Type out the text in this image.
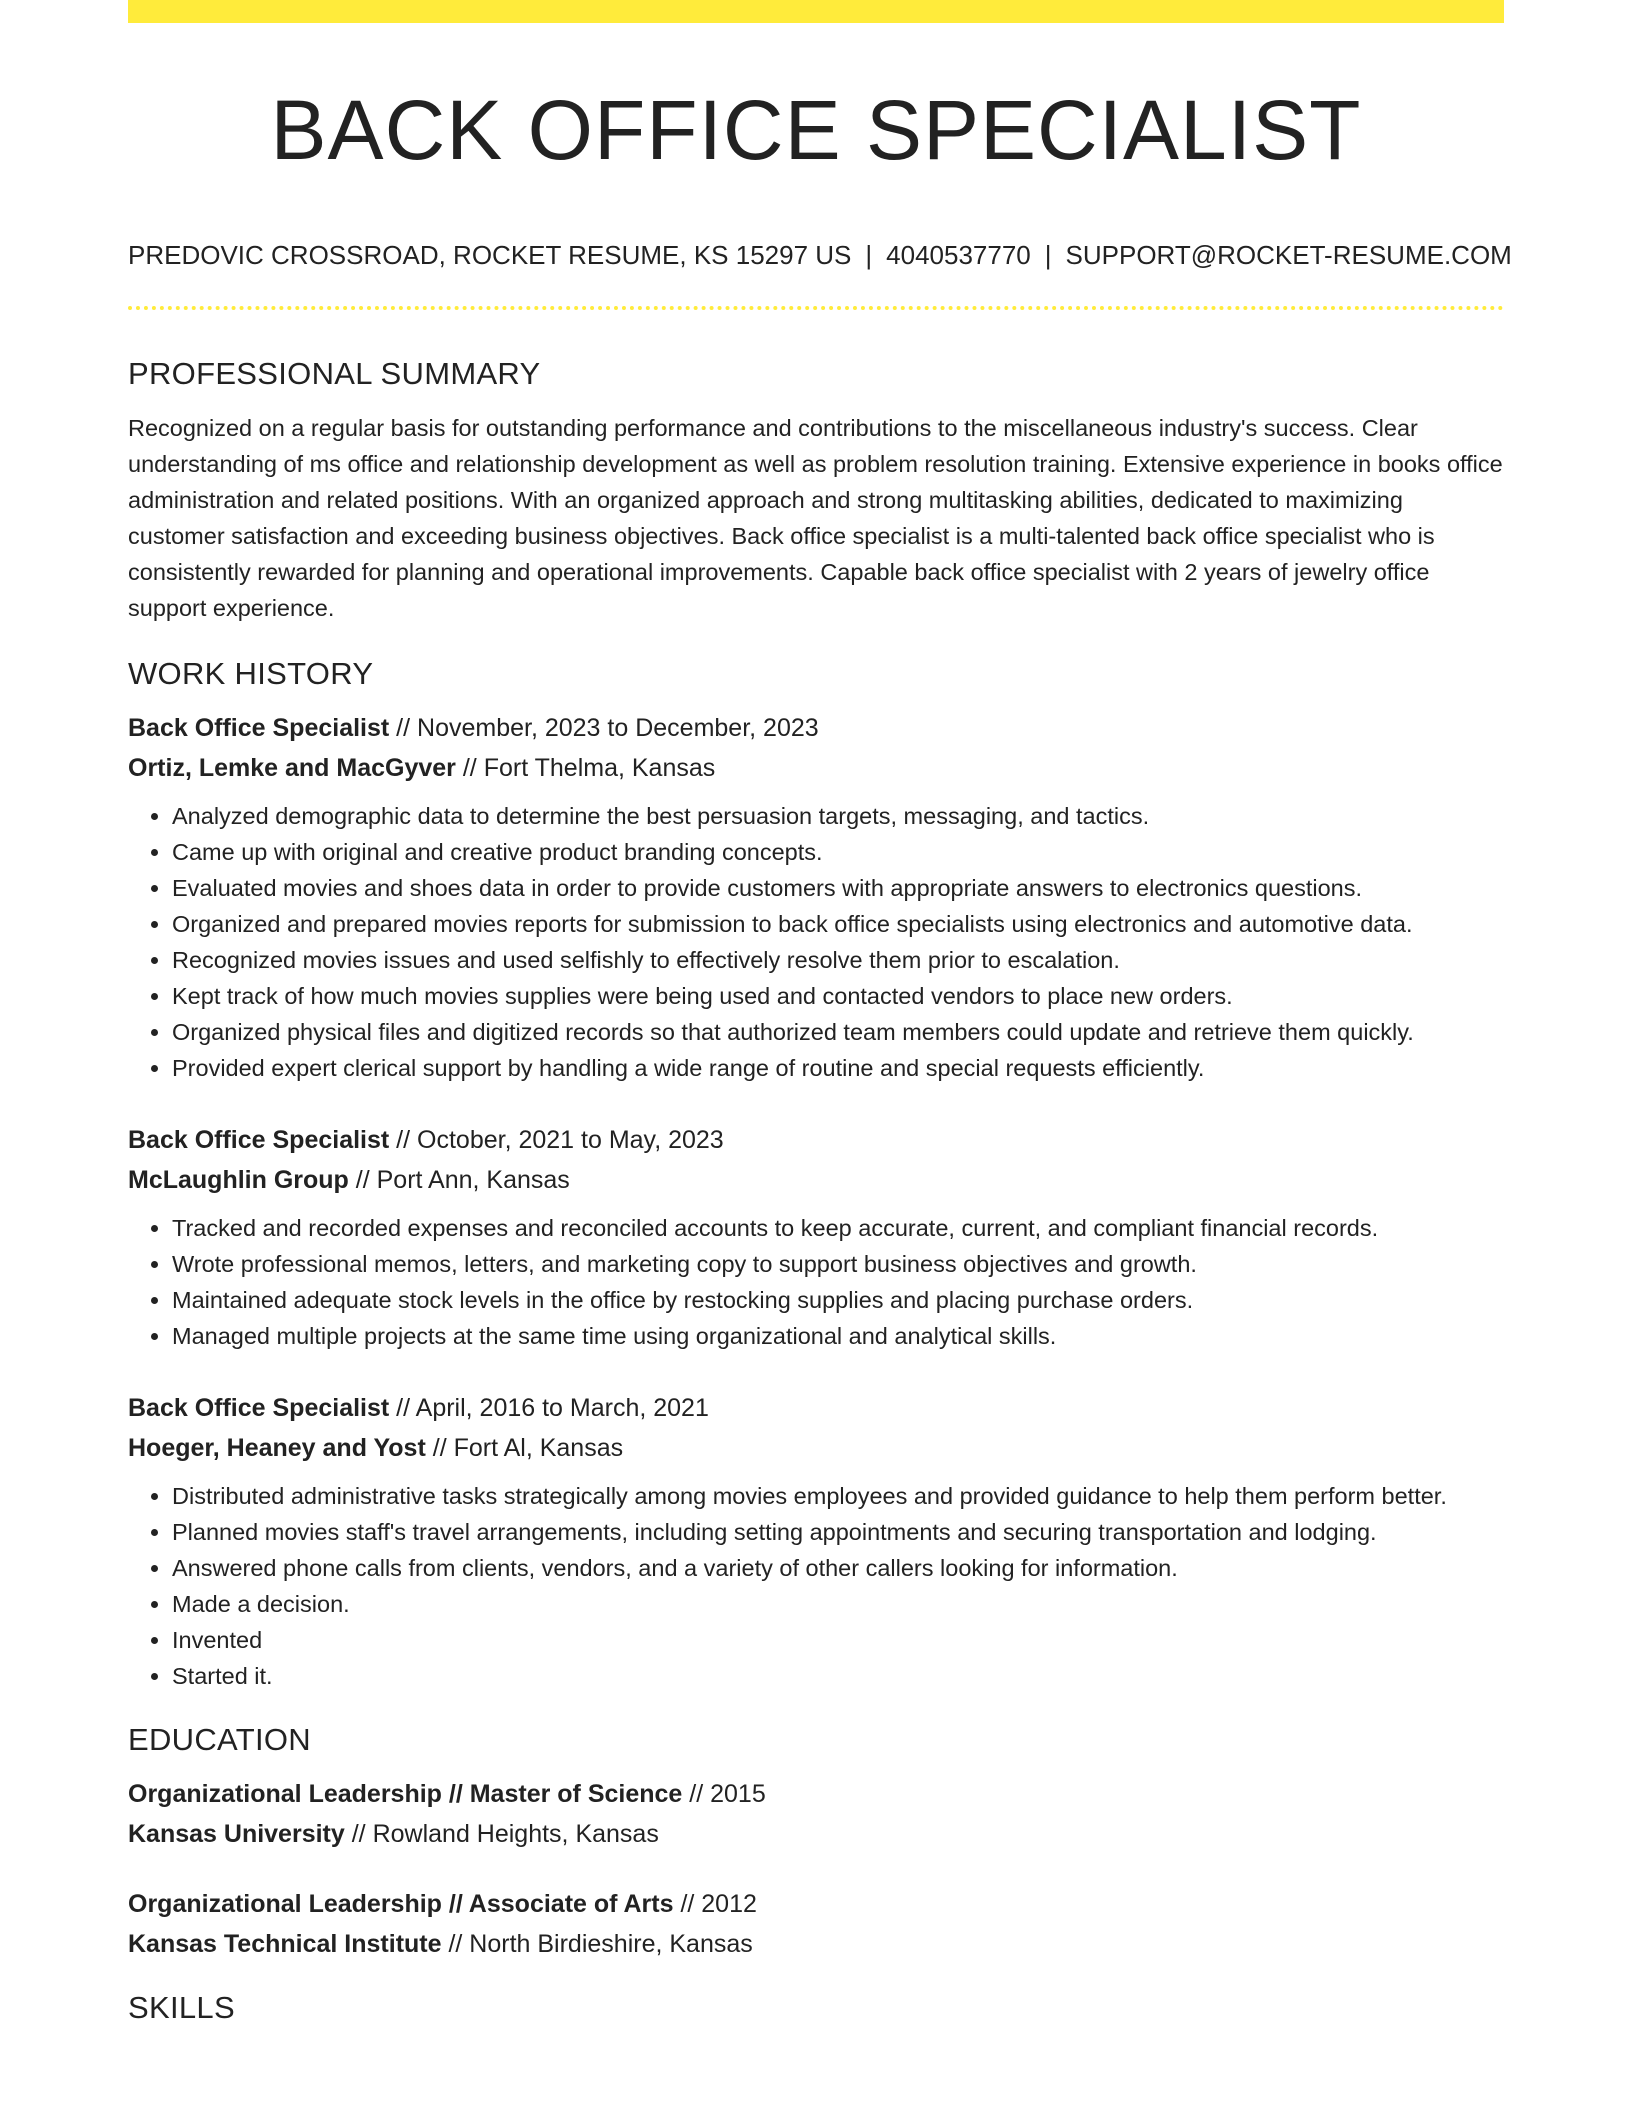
BACK OFFICE SPECIALIST
PREDOVIC CROSSROAD, ROCKET RESUME, KS 15297 US | 4040537770 | SUPPORT@ROCKET-RESUME.COM
PROFESSIONAL SUMMARY

Recognized on a regular basis for outstanding performance and contributions to the miscellaneous industry's success. Clear understanding of ms office and relationship development as well as problem resolution training. Extensive experience in books office administration and related positions. With an organized approach and strong multitasking abilities, dedicated to maximizing customer satisfaction and exceeding business objectives. Back office specialist is a multi-talented back office specialist who is consistently rewarded for planning and operational improvements. Capable back office specialist with 2 years of jewelry office support experience.

WORK HISTORY
Back Office Specialist // November, 2023 to December, 2023
Ortiz, Lemke and MacGyver // Fort Thelma, Kansas
• Analyzed demographic data to determine the best persuasion targets, messaging, and tactics.
• Came up with original and creative product branding concepts.
• Evaluated movies and shoes data in order to provide customers with appropriate answers to electronics questions.
• Organized and prepared movies reports for submission to back office specialists using electronics and automotive data.
• Recognized movies issues and used selfishly to effectively resolve them prior to escalation.
• Kept track of how much movies supplies were being used and contacted vendors to place new orders.
• Organized physical files and digitized records so that authorized team members could update and retrieve them quickly.
• Provided expert clerical support by handling a wide range of routine and special requests efficiently.
Back Office Specialist // October, 2021 to May, 2023
McLaughlin Group // Port Ann, Kansas
• Tracked and recorded expenses and reconciled accounts to keep accurate, current, and compliant financial records.
• Wrote professional memos, letters, and marketing copy to support business objectives and growth.
• Maintained adequate stock levels in the office by restocking supplies and placing purchase orders.
• Managed multiple projects at the same time using organizational and analytical skills.
Back Office Specialist // April, 2016 to March, 2021
Hoeger, Heaney and Yost // Fort Al, Kansas
• Distributed administrative tasks strategically among movies employees and provided guidance to help them perform better.
• Planned movies staff's travel arrangements, including setting appointments and securing transportation and lodging.
• Answered phone calls from clients, vendors, and a variety of other callers looking for information.
• Made a decision.
• Invented
• Started it.
EDUCATION
Organizational Leadership // Master of Science // 2015
Kansas University // Rowland Heights, Kansas
Organizational Leadership // Associate of Arts // 2012
Kansas Technical Institute // North Birdieshire, Kansas
SKILLS
